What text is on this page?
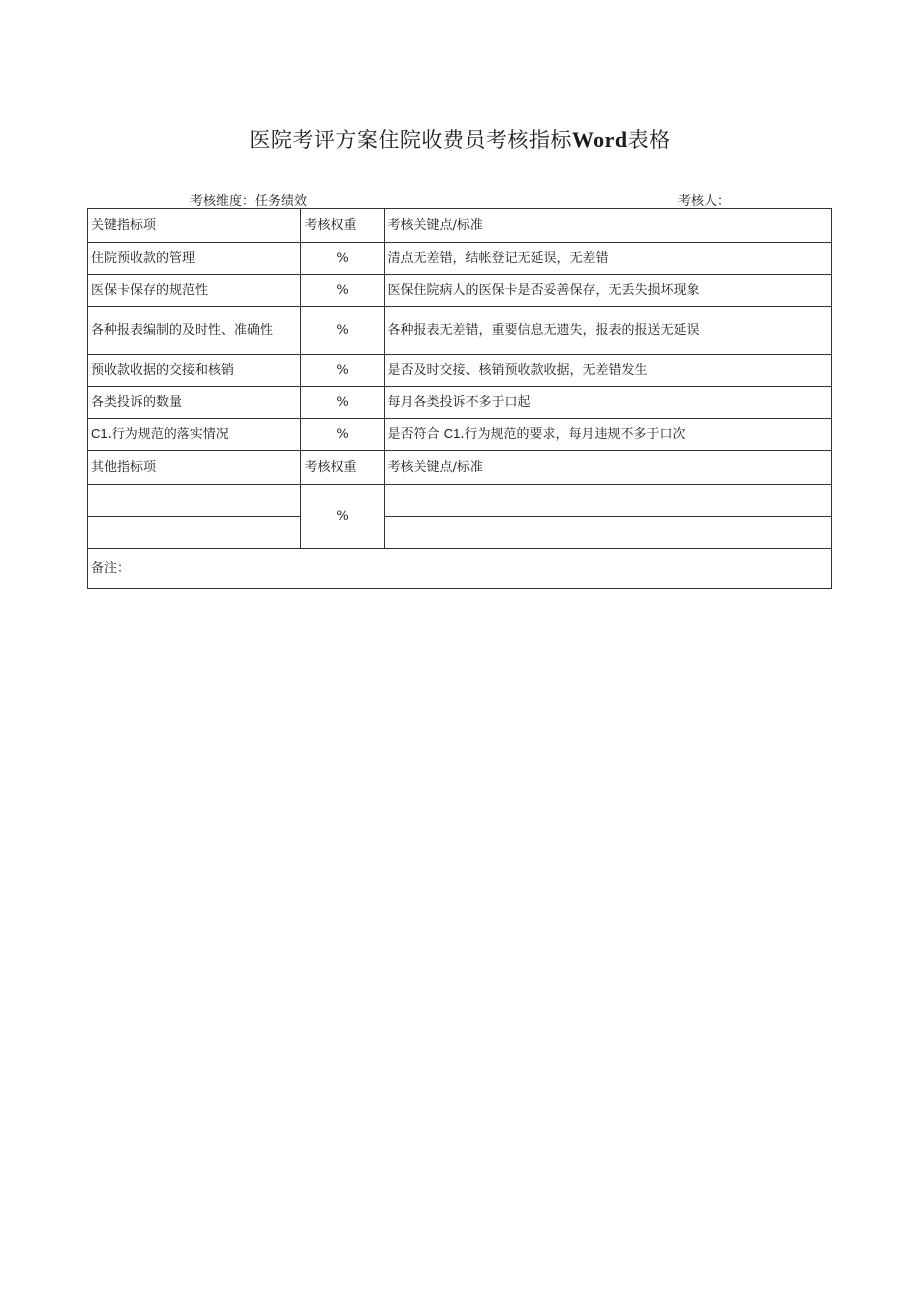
医院考评方案住院收费员考核指标Word表格
考核维度：任务绩效	考核人：
关键指标项	考核权重	考核关键点/标准
住院预收款的管理	%	清点无差错，结帐登记无延误，无差错
医保卡保存的规范性	%	医保住院病人的医保卡是否妥善保存，无丢失损坏现象
各种报表编制的及时性、准确性	%	各种报表无差错，重要信息无遗失，报表的报送无延误
预收款收据的交接和核销	%	是否及时交接、核销预收款收据，无差错发生
各类投诉的数量	%	每月各类投诉不多于口起
C1.行为规范的落实情况	%	是否符合 C1.行为规范的要求，每月违规不多于口次
其他指标项	考核权重	考核关键点/标准
	%	

备注：		
